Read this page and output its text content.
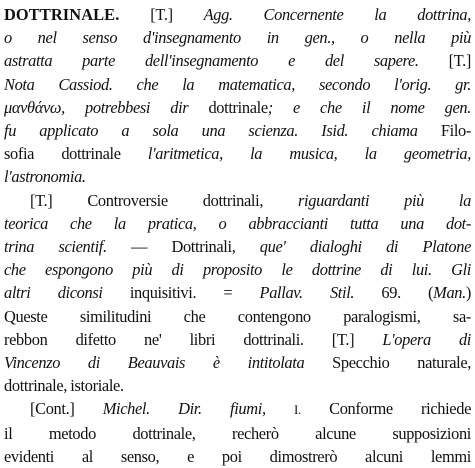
DOTTRINALE. [T.] Agg. Concernente la dottrina,
o nel senso d'insegnamento in gen., o nella più
astratta parte dell'insegnamento e del sapere. [T.]
Nota Cassiod. che la matematica, secondo l'orig. gr.
μανθάνω, potrebbesi dir dottrinale; e che il nome gen.
fu applicato a sola una scienza. Isid. chiama Filo-
sofia dottrinale l'aritmetica, la musica, la geometria,
l'astronomia.
[T.] Controversie dottrinali, riguardanti più la
teorica che la pratica, o abbraccianti tutta una dot-
trina scientif. — Dottrinali, que' dialoghi di Platone
che espongono più di proposito le dottrine di lui. Gli
altri diconsi inquisitivi. = Pallav. Stil. 69. (Man.)
Queste similitudini che contengono paralogismi, sa-
rebbon difetto ne' libri dottrinali. [T.] L'opera di
Vincenzo di Beauvais è intitolata Specchio naturale,
dottrinale, istoriale.
[Cont.] Michel. Dir. fiumi, I. Conforme richiede
il metodo dottrinale, recherò alcune supposizioni
evidenti al senso, e poi dimostrerò alcuni lemmi
